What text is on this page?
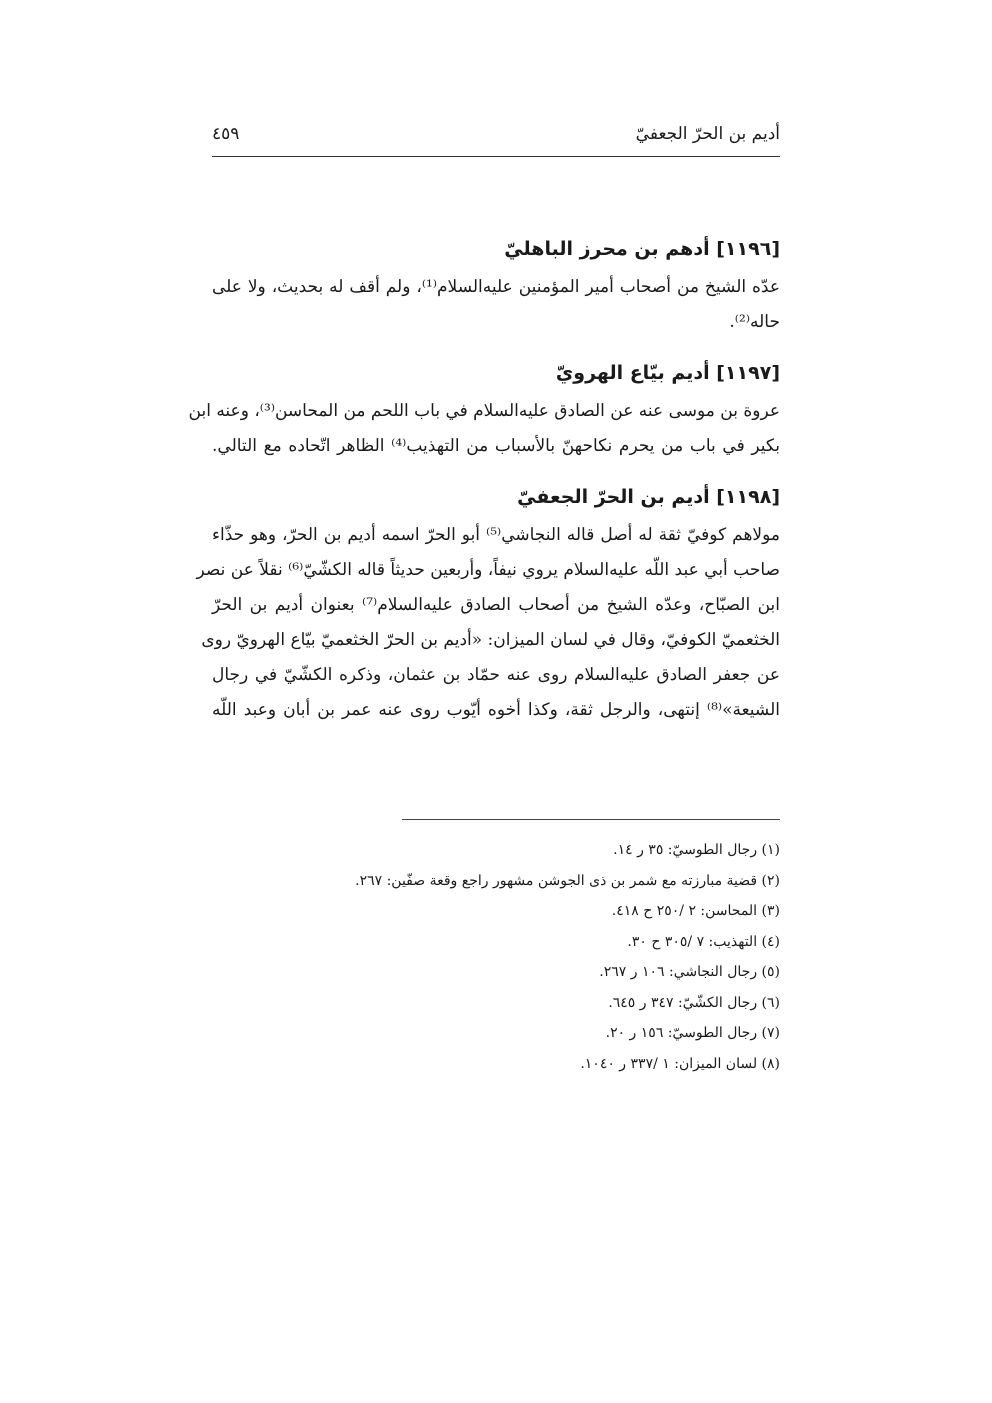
أديم بن الحرّ الجعفيّ
٤٥٩
[١١٩٦] أدهم بن محرز الباهليّ
عدّه الشيخ من أصحاب أمير المؤمنين عليه‌السلام⁽¹⁾، ولم أقف له بحديث، ولا على
حاله⁽²⁾.
[١١٩٧] أديم بيّاع الهرويّ
عروة بن موسى عنه عن الصادق عليه‌السلام في باب اللحم من المحاسن⁽³⁾، وعنه ابن
بكير في باب من يحرم نكاحهنّ بالأسباب من التهذيب⁽⁴⁾ الظاهر اتّحاده مع التالي.
[١١٩٨] أديم بن الحرّ الجعفيّ
مولاهم كوفيّ ثقة له أصل قاله النجاشي⁽⁵⁾ أبو الحرّ اسمه أديم بن الحرّ، وهو حذّاء
صاحب أبي عبد اللّه عليه‌السلام يروي نيفاً، وأربعين حديثاً قاله الكشّيّ⁽⁶⁾ نقلاً عن نصر
ابن الصبّاح، وعدّه الشيخ من أصحاب الصادق عليه‌السلام⁽⁷⁾ بعنوان أديم بن الحرّ
الخثعميّ الكوفيّ، وقال في لسان الميزان: «أديم بن الحرّ الخثعميّ بيّاع الهرويّ روى
عن جعفر الصادق عليه‌السلام روى عنه حمّاد بن عثمان، وذكره الكشّيّ في رجال
الشيعة»⁽⁸⁾ إنتهى، والرجل ثقة، وكذا أخوه أيّوب روى عنه عمر بن أبان وعبد اللّه
(١) رجال الطوسيّ: ٣٥ ر ١٤.
(٢) قضية مبارزته مع شمر بن ذى الجوشن مشهور راجع وقعة صفّين: ٢٦٧.
(٣) المحاسن: ٢ /٢٥٠ ح ٤١٨.
(٤) التهذيب: ٧ /٣٠٥ ح ٣٠.
(٥) رجال النجاشي: ١٠٦ ر ٢٦٧.
(٦) رجال الكشّيّ: ٣٤٧ ر ٦٤٥.
(٧) رجال الطوسيّ: ١٥٦ ر ٢٠.
(٨) لسان الميزان: ١ /٣٣٧ ر ١٠٤٠.
